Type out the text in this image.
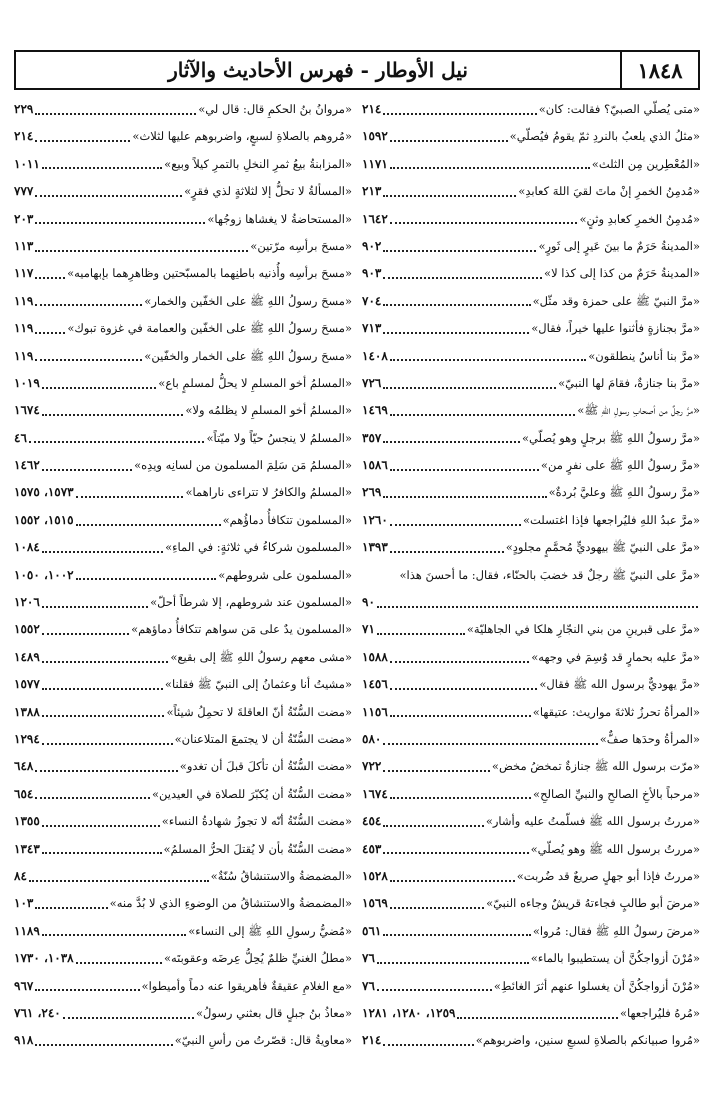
١٨٤٨
نيل الأوطار - فهرس الأحاديث والآثار
«متى يُصلّي الصبيّ؟ فقالت: كان»
٢١٤
«مثلُ الذي يلعبُ بالنردِ ثمّ يقومُ فيُصلّي»
١٥٩٢
«المُعْطِرين مِن الثلث»
١١٧١
«مُدمِنُ الخمرِ إنْ ماتَ لقيَ اللهَ كعابدِ»
٢١٣
«مُدمِنُ الخمرِ كعابدِ وثنٍ»
١٦٤٢
«المدينةُ حَرَمٌ ما بينَ عَيرٍ إلى ثَورٍ»
٩٠٢
«المدينةُ حَرَمٌ من كذا إلى كذا لا»
٩٠٣
«مرَّ النبيّ ﷺ على حمزة وقد مثّل»
٧٠٤
«مرَّ بجنازةٍ فأثنوا عليها خيراً، فقال»
٧١٣
«مرَّ بنا أناسٌ ينطلقون»
١٤٠٨
«مرَّ بنا جنازةٌ، فقامَ لها النبيّ»
٧٢٦
«مرَّ رجلٌ من أصحابِ رسولِ اللهِ ﷺ»
١٤٦٩
«مرَّ رسولُ اللهِ ﷺ برجلٍ وهو يُصلّي»
٣٥٧
«مرَّ رسولُ اللهِ ﷺ على نفرٍ من»
١٥٨٦
«مرَّ رسولُ اللهِ ﷺ وعليَّ بُردةٌ»
٢٦٩
«مرَّ عبدُ اللهِ فليُراجعها فإذا اغتسلت»
١٢٦٠
«مرَّ على النبيّ ﷺ بيهوديٍّ مُحمَّمٍ مجلودٍ»
١٣٩٣
«مرَّ على النبيّ ﷺ رجلٌ قد خضبَ بالحنّاء، فقال: ما أحسنَ هذا»
٩٠
«مرَّ على قبرينِ من بني النجّارِ هلكا في الجاهليّة»
٧١
«مرَّ عليه بحمارٍ قد وُسِمَ في وجهه»
١٥٨٨
«مرَّ يهوديٌّ برسول الله ﷺ فقال»
١٤٥٦
«المرأةُ تحرزُ ثلاثةَ مواريث: عتيقها»
١١٥٦
«المرأةُ وحدَها صفٌّ»
٥٨٠
«مرّت برسول الله ﷺ جنازةٌ تمخضُ مخض»
٧٢٢
«مرحباً بالأخِ الصالحِ والنبيِّ الصالحِ»
١٦٧٤
«مررتُ برسول الله ﷺ فسلّمتُ عليه وأشار»
٤٥٤
«مررتُ برسول الله ﷺ وهو يُصلّي»
٤٥٣
«مررتُ فإذا أبو جهلٍ صريعٌ قد ضُربت»
١٥٢٨
«مرضَ أبو طالبٍ فجاءتهُ قريشٌ وجاءه النبيّ»
١٥٦٩
«مرضَ رسولُ اللهِ ﷺ فقال: مُروا»
٥٦١
«مُرْنَ أزواجكُنَّ أن يستطيبوا بالماء»
٧٦
«مُرْنَ أزواجكُنَّ أن يغسلوا عنهم أثرَ الغائطِ»
٧٦
«مُرهُ فليُراجعها»
١٢٥٩، ١٢٨٠، ١٢٨١
«مُروا صبيانكم بالصلاةِ لسبعِ سنين، واضربوهم»
٢١٤
«مروانُ بنُ الحكمِ قال: قال لي»
٢٢٩
«مُروهم بالصلاةِ لسبعٍ، واضربوهم عليها لثلاث»
٢١٤
«المزابنةُ بيعُ ثمرِ النخلِ بالتمرِ كيلاً وبيع»
١٠١١
«المسألةُ لا تحلُّ إلا لثلاثةٍ لذي فقرٍ»
٧٧٧
«المستحاضةُ لا يغشاها زوجُها»
٢٠٣
«مسحَ برأسِه مرّتين»
١١٣
«مسحَ برأسِه وأُذنيه باطنِهما بالمسبّحتين وظاهرِهما بإبهاميه»
١١٧
«مسحَ رسولُ اللهِ ﷺ على الخفّين والخمار»
١١٩
«مسحَ رسولُ اللهِ ﷺ على الخفّين والعمامة في غزوة تبوك»
١١٩
«مسحَ رسولُ اللهِ ﷺ على الخمار والخفّين»
١١٩
«المسلمُ أخو المسلمِ لا يحلُّ لمسلمٍ باع»
١٠١٩
«المسلمُ أخو المسلمِ لا يظلمُه ولا»
١٦٧٤
«المسلمُ لا ينجسُ حيّاً ولا ميّتاً»
٤٦
«المسلمُ مَن سَلِمَ المسلمون من لسانِه ويدِه»
١٤٦٢
«المسلمُ والكافرُ لا تتراءى ناراهما»
١٥٧٣، ١٥٧٥
«المسلمون تتكافأُ دماؤُهم»
١٥١٥، ١٥٥٢
«المسلمون شركاءُ في ثلاثةٍ: في الماءِ»
١٠٨٤
«المسلمون على شروطهم»
١٠٠٢، ١٠٥٠
«المسلمون عند شروطهم، إلا شرطاً أحلّ»
١٢٠٦
«المسلمون يدٌ على مَن سواهم تتكافأُ دماؤهم»
١٥٥٢
«مشى معهم رسولُ اللهِ ﷺ إلى بقيع»
١٤٨٩
«مشيتُ أنا وعثمانُ إلى النبيّ ﷺ فقلنا»
١٥٧٧
«مضت السُّنّةُ أنّ العاقلةَ لا تحمِلُ شيئاً»
١٣٨٨
«مضت السُّنّةُ أن لا يجتمعَ المتلاعنان»
١٢٩٤
«مضت السُّنّةُ أن تأكلَ قبلَ أن تغدو»
٦٤٨
«مضت السُّنّةُ أن يُكبّرَ للصلاة في العيدين»
٦٥٤
«مضت السُّنّةُ أنّه لا تجوزُ شهادةُ النساء»
١٣٥٥
«مضت السُّنّةُ بأن لا يُقتلَ الحرُّ المسلمُ»
١٣٤٣
«المضمضةُ والاستنشاقُ سُنّةٌ»
٨٤
«المضمضةُ والاستنشاقُ من الوضوءِ الذي لا بُدَّ منه»
١٠٣
«مُضيُّ رسولِ اللهِ ﷺ إلى النساء»
١١٨٩
«مطلُ الغنيِّ ظلمٌ يُحِلُّ عِرضَه وعقوبتَه»
١٠٣٨، ١٧٣٠
«مع الغلامِ عقيقةٌ فأهريقوا عنه دماً وأميطوا»
٩٦٧
«معاذُ بنُ جبلٍ قال بعثني رسولُ»
٢٤٠، ٧٦١
«معاويةُ قال: قصّرتُ من رأسِ النبيّ»
٩١٨
